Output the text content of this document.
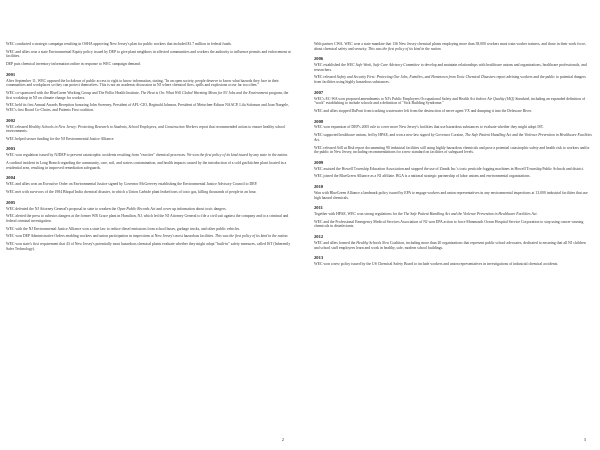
WEC conducted a strategic campaign resulting in OSHA approving New Jersey's plan for public workers that included $1.7 million in federal funds.
WEC and allies won a state Environmental Equity policy issued by DEP to give plant neighbors in affected communities and workers the authority to influence permits and enforcement at facilities.
DEP puts chemical inventory information online in response to WEC campaign demand.
2001
After September 11, WEC opposed the lockdown of public access to right to know information, stating, "In an open society, people deserve to know what hazards they face in their communities and workplaces so they can protect themselves. This is not an academic discussion in NJ where chemical fires, spills and explosions occur far too often."
WEC co-sponsored with the BlueGreen Working Group and The Pollio Health Institute, The Heat is On: What Will Global Warming Mean for NJ Jobs and the Environment program, the first workshop in NJ on climate change for workers.
WEC held its first Annual Awards Reception honoring John Sweeney, President of AFL-CIO, Reginald Johnson, President of Metuchen-Edison NAACP, Lila Solomon and Joan Naegele, WEC's first Board Co-Chairs, and Patients First coalition.
2002
WEC released Healthy Schools in New Jersey: Protecting Research to Students, School Employees, and Construction Workers report that recommended action to ensure healthy school environments.
WEC helped secure funding for the NJ Environmental Justice Alliance.
2003
WEC won regulation issued by NJDEP to prevent catastrophic accidents resulting from "reactive" chemical processes. We won the first policy of its kind issued by any state in the nation.
A cardinal incident in Long Branch regarding the community, care, soil, and waters contamination, and health impacts caused by the introduction of a cold gas/kitchen plant located in a residential area, resulting in improved remediation safeguards.
2004
WEC and allies won an Executive Order on Environmental Justice signed by Governor McGreevey establishing the Environmental Justice Advisory Council to DEP.
WEC met with survivors of the 1984 Bhopal India chemical disaster, in which a Union Carbide plant leaked tons of toxic gas, killing thousands of people in an hour.
2005
WEC defeated the NJ Attorney General's proposal in state to weaken the Open Public Records Act and cover up information about toxic dangers.
WEC alerted the press to asbestos dangers at the former WR Grace plant in Hamilton, NJ, which led the NJ Attorney General to file a civil suit against the company and to a criminal and federal criminal investigation.
WEC with the NJ Environmental Justice Alliance won a state law to reduce diesel emissions from school buses, garbage trucks, and other public vehicles.
WEC won DEP Administrative Orders enabling workers and union participation in inspections at New Jersey's most hazardous facilities. This was the first policy of its kind in the nation.
WEC won state's first requirement that 43 of New Jersey's potentially most hazardous chemical plants evaluate whether they might adopt "built-in" safety measures, called IST (Inherently Safer Technology).
2
With partner CWA, WEC won a state mandate that 136 New Jersey chemical plants employing more than 38,000 workers must train worker trainers, and those in their work force, about chemical safety and security. This was the first policy of its kind in the nation.
2006
WEC established the WEC Safe Work, Safe Care Advisory Committee to develop and maintain relationships with healthcare unions and organizations, healthcare professionals, and researchers.
WEC released Safety and Security First: Protecting Our Jobs, Families, and Hometown from Toxic Chemical Disasters report advising workers and the public to potential dangers from facilities using highly hazardous substances.
2007
WEC's EC-WA won proposed amendments to NJ's Public Employees Occupational Safety and Health Act Indoor Air Quality (IAQ) Standard, including an expanded definition of "work" establishing to include schools and a definition of "Sick Building Syndrome."
WEC and allies stopped DuPont from trucking wastewater left from the destruction of nerve agent VX and dumping it into the Delaware River.
2008
WEC won expansion of DEP's 2005 rule to cover more New Jersey's facilities that use hazardous substances to evaluate whether they might adopt IST.
WEC supported healthcare unions, led by HPAE, and won a new law signed by Governor Corzine, The Safe Patient Handling Act and the Violence Prevention in Healthcare Facilities Act.
WEC released Still at Risk report documenting 90 industrial facilities still using highly hazardous chemicals and pose a potential catastrophic safety and health risk to workers and/or the public in New Jersey, including recommendations for a new standard on facilities of safeguard levels.
2009
WEC assisted the Howell Township Education Association and stopped the use of Zinnik Inc.'s toxic pesticide fogging machines in Howell Township Public Schools and district.
WEC joined the BlueGreen Alliance as a NJ affiliate. BGA is a national strategic partnership of labor unions and environmental organizations.
2010
Won with BlueGreen Alliance a landmark policy issued by EPA to engage workers and union representatives in any environmental inspections at 13,000 industrial facilities that use high hazard chemicals.
2011
Together with HPAE, WEC won strong regulations for the The Safe Patient Handling Act and the Violence Prevention in Healthcare Facilities Act.
WEC and the Professional Emergency Medical Services Association of NJ won EPA action to force Monmouth Ocean Hospital Service Corporation to stop using cancer-causing chemicals in disinfectants.
2012
WEC and allies formed the Healthy Schools Now Coalition, including more than 20 organizations that represent public school advocates, dedicated to ensuring that all NJ children and school staff employees learn and work in healthy, safe, modern school buildings.
2013
WEC won a new policy issued by the US Chemical Safety Board to include workers and union representatives in investigations of industrial chemical accidents.
3
